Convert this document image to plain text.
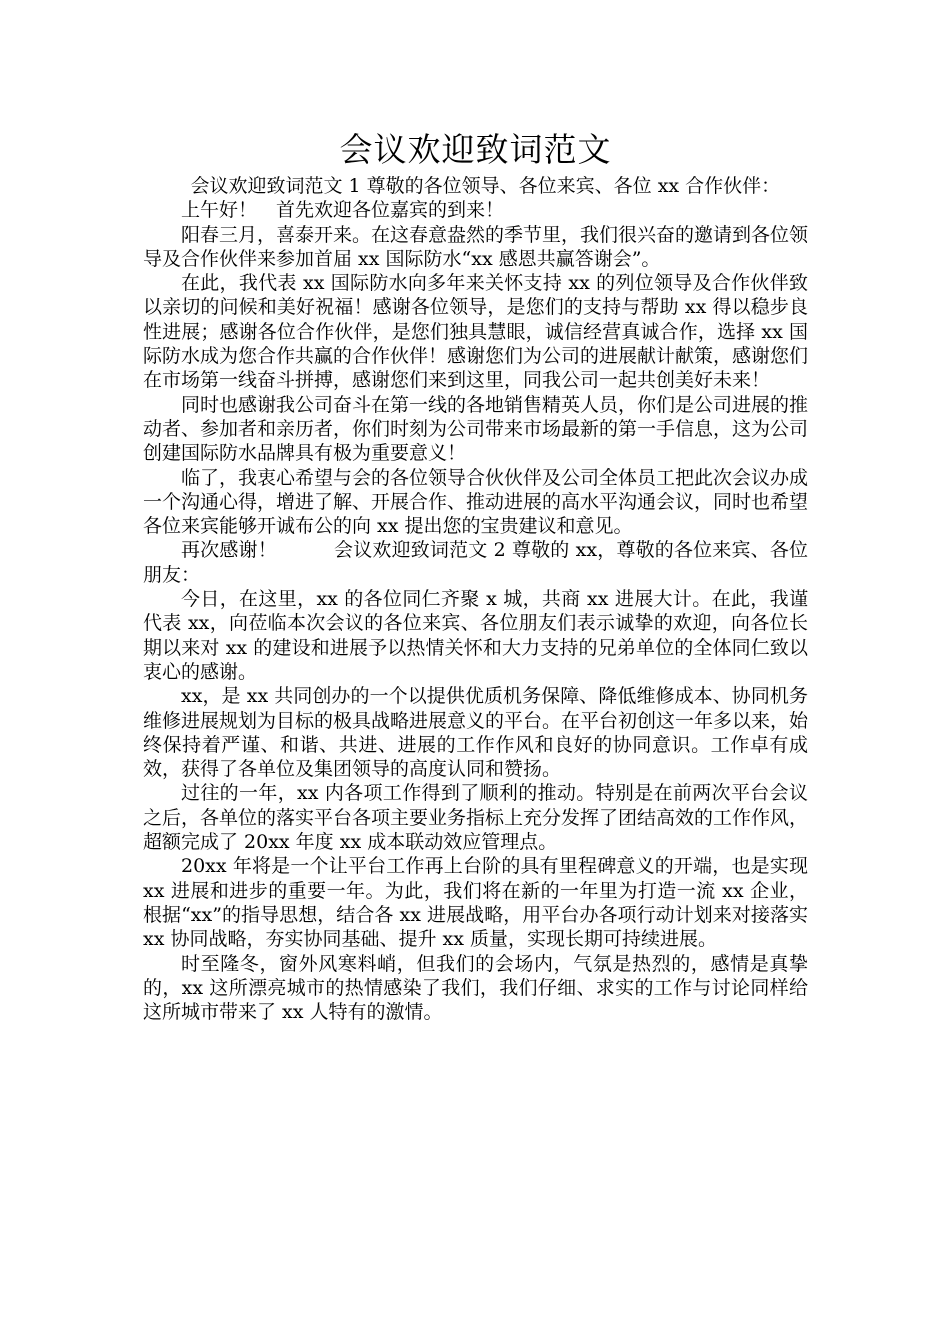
会议欢迎致词范文

会议欢迎致词范文 1 尊敬的各位领导、各位来宾、各位 xx 合作伙伴：

上午好！ 首先欢迎各位嘉宾的到来！

阳春三月，喜泰开来。在这春意盎然的季节里，我们很兴奋的邀请到各位领导及合作伙伴来参加首届 xx 国际防水“xx 感恩共赢答谢会”。

在此，我代表 xx 国际防水向多年来关怀支持 xx 的列位领导及合作伙伴致以亲切的问候和美好祝福！感谢各位领导，是您们的支持与帮助 xx 得以稳步良性进展；感谢各位合作伙伴，是您们独具慧眼，诚信经营真诚合作，选择 xx 国际防水成为您合作共赢的合作伙伴！感谢您们为公司的进展献计献策，感谢您们在市场第一线奋斗拼搏，感谢您们来到这里，同我公司一起共创美好未来！

同时也感谢我公司奋斗在第一线的各地销售精英人员，你们是公司进展的推动者、参加者和亲历者，你们时刻为公司带来市场最新的第一手信息，这为公司创建国际防水品牌具有极为重要意义！

临了，我衷心希望与会的各位领导合伙伙伴及公司全体员工把此次会议办成一个沟通心得，增进了解、开展合作、推动进展的高水平沟通会议，同时也希望各位来宾能够开诚布公的向 xx 提出您的宝贵建议和意见。

再次感谢！	会议欢迎致词范文 2 尊敬的 xx，尊敬的各位来宾、各位朋友：

今日，在这里，xx 的各位同仁齐聚 x 城，共商 xx 进展大计。在此，我谨代表 xx，向莅临本次会议的各位来宾、各位朋友们表示诚挚的欢迎，向各位长期以来对 xx 的建设和进展予以热情关怀和大力支持的兄弟单位的全体同仁致以衷心的感谢。

xx，是 xx 共同创办的一个以提供优质机务保障、降低维修成本、协同机务维修进展规划为目标的极具战略进展意义的平台。在平台初创这一年多以来，始终保持着严谨、和谐、共进、进展的工作作风和良好的协同意识。工作卓有成效，获得了各单位及集团领导的高度认同和赞扬。

过往的一年，xx 内各项工作得到了顺利的推动。特别是在前两次平台会议之后，各单位的落实平台各项主要业务指标上充分发挥了团结高效的工作作风，超额完成了 20xx 年度 xx 成本联动效应管理点。

20xx 年将是一个让平台工作再上台阶的具有里程碑意义的开端，也是实现 xx 进展和进步的重要一年。为此，我们将在新的一年里为打造一流 xx 企业，根据“xx”的指导思想，结合各 xx 进展战略，用平台办各项行动计划来对接落实 xx 协同战略，夯实协同基础、提升 xx 质量，实现长期可持续进展。

时至隆冬，窗外风寒料峭，但我们的会场内，气氛是热烈的，感情是真挚的，xx 这所漂亮城市的热情感染了我们，我们仔细、求实的工作与讨论同样给这所城市带来了 xx 人特有的激情。
